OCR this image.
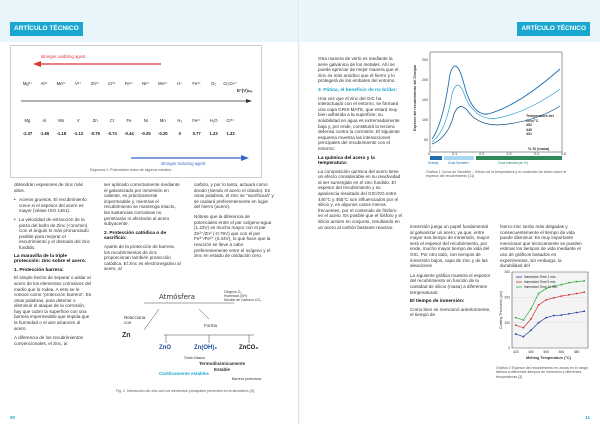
ARTÍCULO TÉCNICO
stronger oxidizing agent
stronger reducing agent
E°(V)ₘₑ
Mg²⁺	Al³⁺	Mn²⁺	V²⁺	Zn²⁺	Cr³⁺	Fe²⁺	Ni²⁺	Mn²⁺	H⁺	Fe³⁺	O₂	Cr₂O₇²⁻
Mg	Al	Mn	V	Zn	Cr	Fe	Ni	Mn	H₂	Fe²⁺	H₂O	Cr³⁺
-2.37	-1.66	-1.18	-1.13	-0.76	-0.74	-0.44	-0.25	-0.20	0	0.77	1.23	1.33
Esquema 1. Potenciales redox de algunos metales.

obtendrán espesores de zinc más altos.

• Aceros gruesos. El recubrimiento crece si el espesor del acero es mayor (véase ISO 1461).
• La velocidad de extracción de la pieza del baño de Zinc (<1m/min). Con el ángulo lo más pronunciado posible para mejorar el escurrimiento y el drenado del zinc fundido.
La maravilla de la triple protección: zinc sobre el acero.
1. Protección barrera:

El simple hecho de separar o aislar al acero de los elementos corrosivos del medio que lo rodea. A esto se le conoce como "protección barrera". En otras palabras, para deterior o disminuir el ataque de la corrosión, hay que cubrir la superficie con una barrera impermeable que impida que la humedad o el aire alcancen al acero.

A diferencia de los recubrimientos convencionales, el zinc, al

ser aplicado correctamente mediante el galvanizado por inmersión en caliente, es prácticamente impermeable y, mientras el recubrimiento se mantenga intacto, las sustancias corrosivas no penetrarán ni afectarán al acero subyacente.

2. Protección catódica o de sacrificio:

Aparte de la protección de barrera, los recubrimientos de zinc proporcionan también protección catódica. El zinc es electronegativo al acero, al

carbón, y por lo tanto, actuará como ánodo (siendo el acero el cátodo). En otras palabras, el zinc se "sacrificará" y se oxidará preferentemente en lugar del hierro (acero).

Nótese que la diferencia de potenciales entre el par oxígeno-agua (1.23V) es mucho mayor con el par Zn²⁺/Zn⁰ (-0.76V) que con el par Fe³⁺/Fe²⁺ (0.44V), lo que hace que la reacción se lleve a cabo preferentemente entre el oxígeno y el zinc en estado de oxidación cero.

Atmósfera
Oxígeno O₂
Humedad (OH)
Dióxido de Carbono CO₂
Reacciona con
Zn
Forma
ZnO	Zn(OH)₂	ZnCO₃
Óxido Básico
Termodinámicamente
Estable
Cinéticamente estables
Barrera protectora
Fig. 2. Interacción del zinc con los elementos principales presentes en la atmósfera. [6]
00
ARTÍCULO TÉCNICO

Otra manera de verlo es mediante la serie galvánica de los metales. Ahí se puede apreciar de mejor manera que el zinc es más anódico que el hierro y lo protegerá de los embates del entorno.

3. Pátina, el beneficio de no brillar:

Una vez que el zinc del GIC ha interactuado con el entorno, se formará una capa GRIS MATE, que estará muy bien adherida a la superficie; su solubilidad en agua es extremadamente baja y, por ende, constituirá la tercera defensa contra la corrosión. El siguiente esquema muestra las interacciones principales del recubrimiento con el entorno:

La química del acero y la temperatura:

La composición química del acero tiene un efecto considerable en su reactividad al ser sumergido en el zinc fundido. El espesor del recubrimiento y su apariencia resultado del GIC/GG entre 445°C y 455°C son influenciados por el silicio y, en algunos casos menos frecuentes, por el contenido de fósforo en el acero. Es posible que el fósforo y el silicio actúen en conjunto, resultando en un acero al carbón bastante reactivo.

Espesor del recubrimiento del Zinc/µm
250
200
150
100
50
0	0.1	0.2	0.3	0.4	0.5
% Si (masa)
Sebisty	Zona Sandelin	Zona tolerada (en %)
Temperatura del Zinc/°C
452
440
431
Gráfica 1 Curva de Sandelin – Efecto de la temperatura y el contenido de silicio sobre el espesor del recubrimiento [11]

inmersión juega un papel fundamental al galvanizar un acero, ya que, entre mayor sea tiempo de inmersión, mayor será el espesor del recubrimiento, por ende, mucho mayor tiempo de vida del GIC. Por otro lado, con tiempos de inmersión bajos, capa de zinc y de las aleaciones

La siguiente gráfica muestra el espesor del recubrimiento en función de la cantidad de silicio (masa) a diferentes temperaturas:

El tiempo de inmersión:

Como bien se mencionó anteriormente, el tiempo de

hierro-zinc serán más delgadas y consecuentemente el tiempo de vida puede disminuir. Es muy importante mencionar que técnicamente se pueden estimar los tiempos de vida mediante el uso de gráficos basados en experimentos, sin embargo, la durabilidad del

0
100
200
300
420	460	500	540	580
Immersion Time 1 min.
Immersion Time 5 min.
Immersion Time 10 min.
Coating Thickness (µm)
Melting Temperature (°C)
Gráfica 2 Espesor del recubrimiento en zonas en el rango fabrica a diferentes tiempos de inmersión y diferentes temperaturas [3]
11
